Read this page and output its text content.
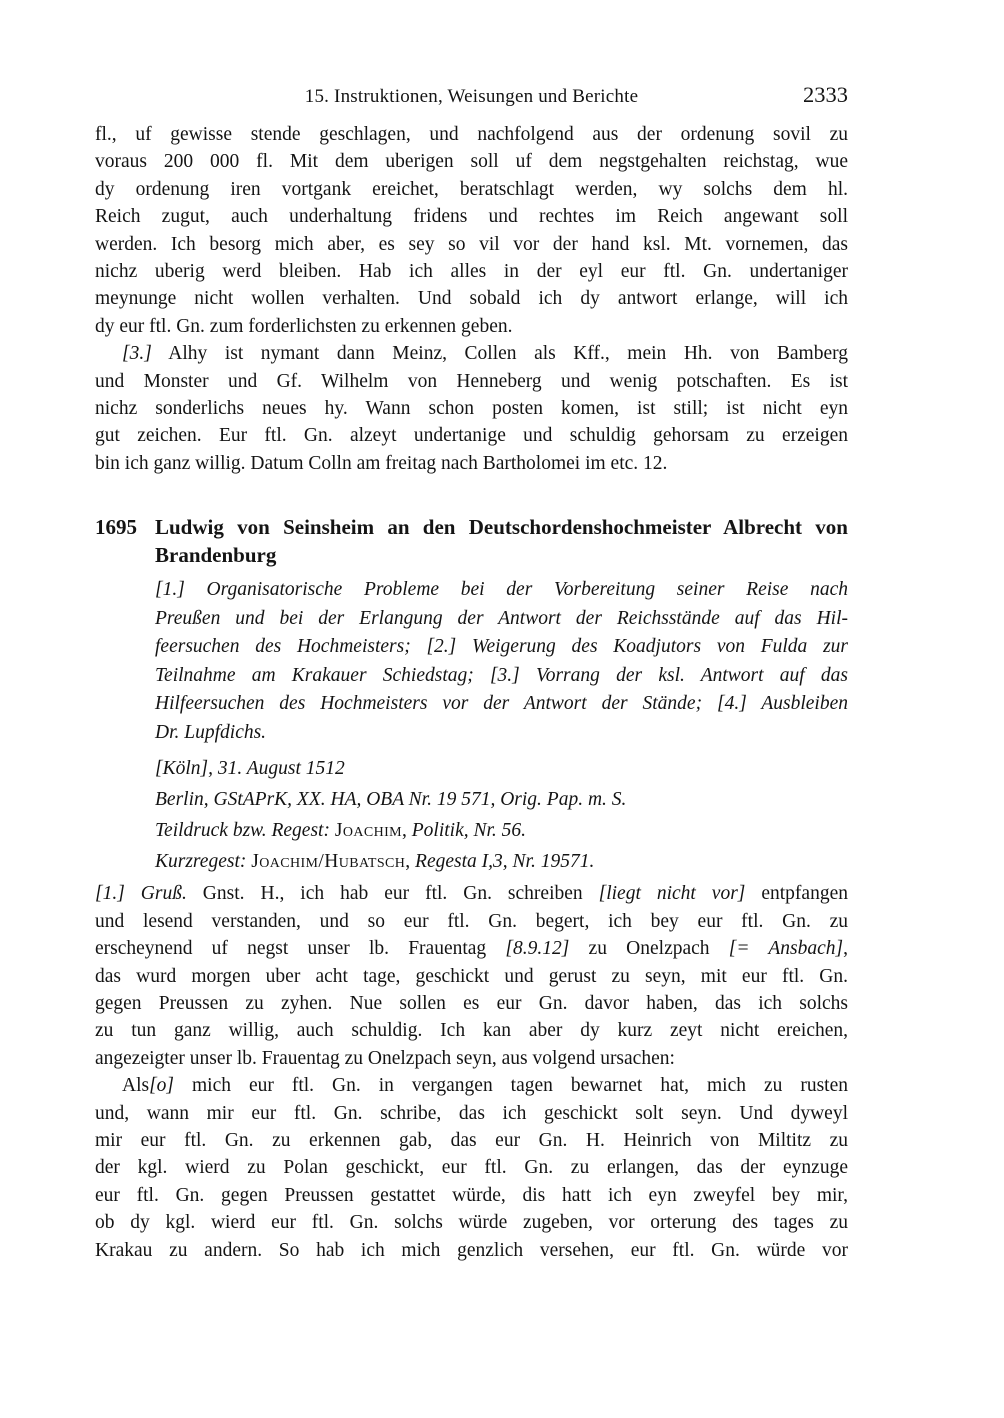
15. Instruktionen, Weisungen und Berichte	2333
fl., uf gewisse stende geschlagen, und nachfolgend aus der ordenung sovil zu
voraus 200 000 fl. Mit dem uberigen soll uf dem negstgehalten reichstag, wue
dy ordenung iren vortgank ereichet, beratschlagt werden, wy solchs dem hl.
Reich zugut, auch underhaltung fridens und rechtes im Reich angewant soll
werden. Ich besorg mich aber, es sey so vil vor der hand ksl. Mt. vornemen, das
nichz uberig werd bleiben. Hab ich alles in der eyl eur ftl. Gn. undertaniger
meynunge nicht wollen verhalten. Und sobald ich dy antwort erlange, will ich
dy eur ftl. Gn. zum forderlichsten zu erkennen geben.
[3.] Alhy ist nymant dann Meinz, Collen als Kff., mein Hh. von Bamberg
und Monster und Gf. Wilhelm von Henneberg und wenig potschaften. Es ist
nichz sonderlichs neues hy. Wann schon posten komen, ist still; ist nicht eyn
gut zeichen. Eur ftl. Gn. alzeyt undertanige und schuldig gehorsam zu erzeigen
bin ich ganz willig. Datum Colln am freitag nach Bartholomei im etc. 12.
1695 Ludwig von Seinsheim an den Deutschordenshochmeister Albrecht von
Brandenburg
[1.] Organisatorische Probleme bei der Vorbereitung seiner Reise nach
Preußen und bei der Erlangung der Antwort der Reichsstände auf das Hil-
feersuchen des Hochmeisters; [2.] Weigerung des Koadjutors von Fulda zur
Teilnahme am Krakauer Schiedstag; [3.] Vorrang der ksl. Antwort auf das
Hilfeersuchen des Hochmeisters vor der Antwort der Stände; [4.] Ausbleiben
Dr. Lupfdichs.
[Köln], 31. August 1512
Berlin, GStAPrK, XX. HA, OBA Nr. 19 571, Orig. Pap. m. S.
Teildruck bzw. Regest: Joachim, Politik, Nr. 56.
Kurzregest: Joachim/Hubatsch, Regesta I,3, Nr. 19571.
[1.] Gruß. Gnst. H., ich hab eur ftl. Gn. schreiben [liegt nicht vor] entpfangen
und lesend verstanden, und so eur ftl. Gn. begert, ich bey eur ftl. Gn. zu
erscheynend uf negst unser lb. Frauentag [8.9.12] zu Onelzpach [= Ansbach],
das wurd morgen uber acht tage, geschickt und gerust zu seyn, mit eur ftl. Gn.
gegen Preussen zu zyhen. Nue sollen es eur Gn. davor haben, das ich solchs
zu tun ganz willig, auch schuldig. Ich kan aber dy kurz zeyt nicht ereichen,
angezeigter unser lb. Frauentag zu Onelzpach seyn, aus volgend ursachen:
Als[o] mich eur ftl. Gn. in vergangen tagen bewarnet hat, mich zu rusten
und, wann mir eur ftl. Gn. schribe, das ich geschickt solt seyn. Und dyweyl
mir eur ftl. Gn. zu erkennen gab, das eur Gn. H. Heinrich von Miltitz zu
der kgl. wierd zu Polan geschickt, eur ftl. Gn. zu erlangen, das der eynzuge
eur ftl. Gn. gegen Preussen gestattet würde, dis hatt ich eyn zweyfel bey mir,
ob dy kgl. wierd eur ftl. Gn. solchs würde zugeben, vor orterung des tages zu
Krakau zu andern. So hab ich mich genzlich versehen, eur ftl. Gn. würde vor
